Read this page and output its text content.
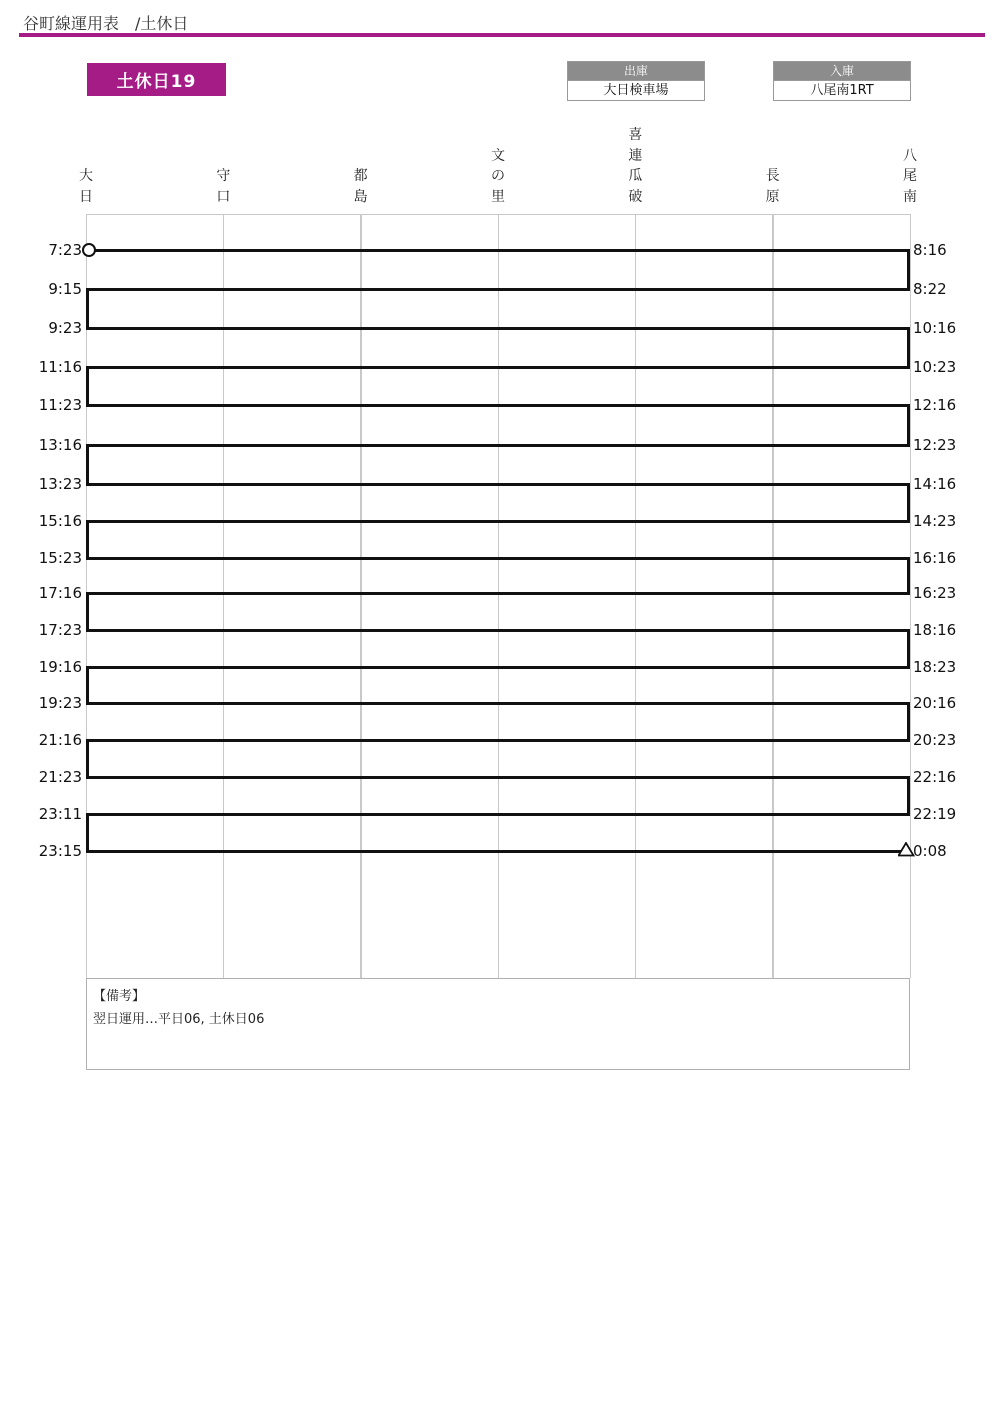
谷町線運用表 /土休日
土休日19
出庫
大日検車場
入庫
八尾南1RT
大
日
守
口
都
島
文
の
里
喜
連
瓜
破
長
原
八
尾
南
7:23	8:16
9:15	8:22
9:23	10:16
11:16	10:23
11:23	12:16
13:16	12:23
13:23	14:16
15:16	14:23
15:23	16:16
17:16	16:23
17:23	18:16
19:16	18:23
19:23	20:16
21:16	20:23
21:23	22:16
23:11	22:19
23:15	0:08
【備考】
翌日運用…平日06, 土休日06
